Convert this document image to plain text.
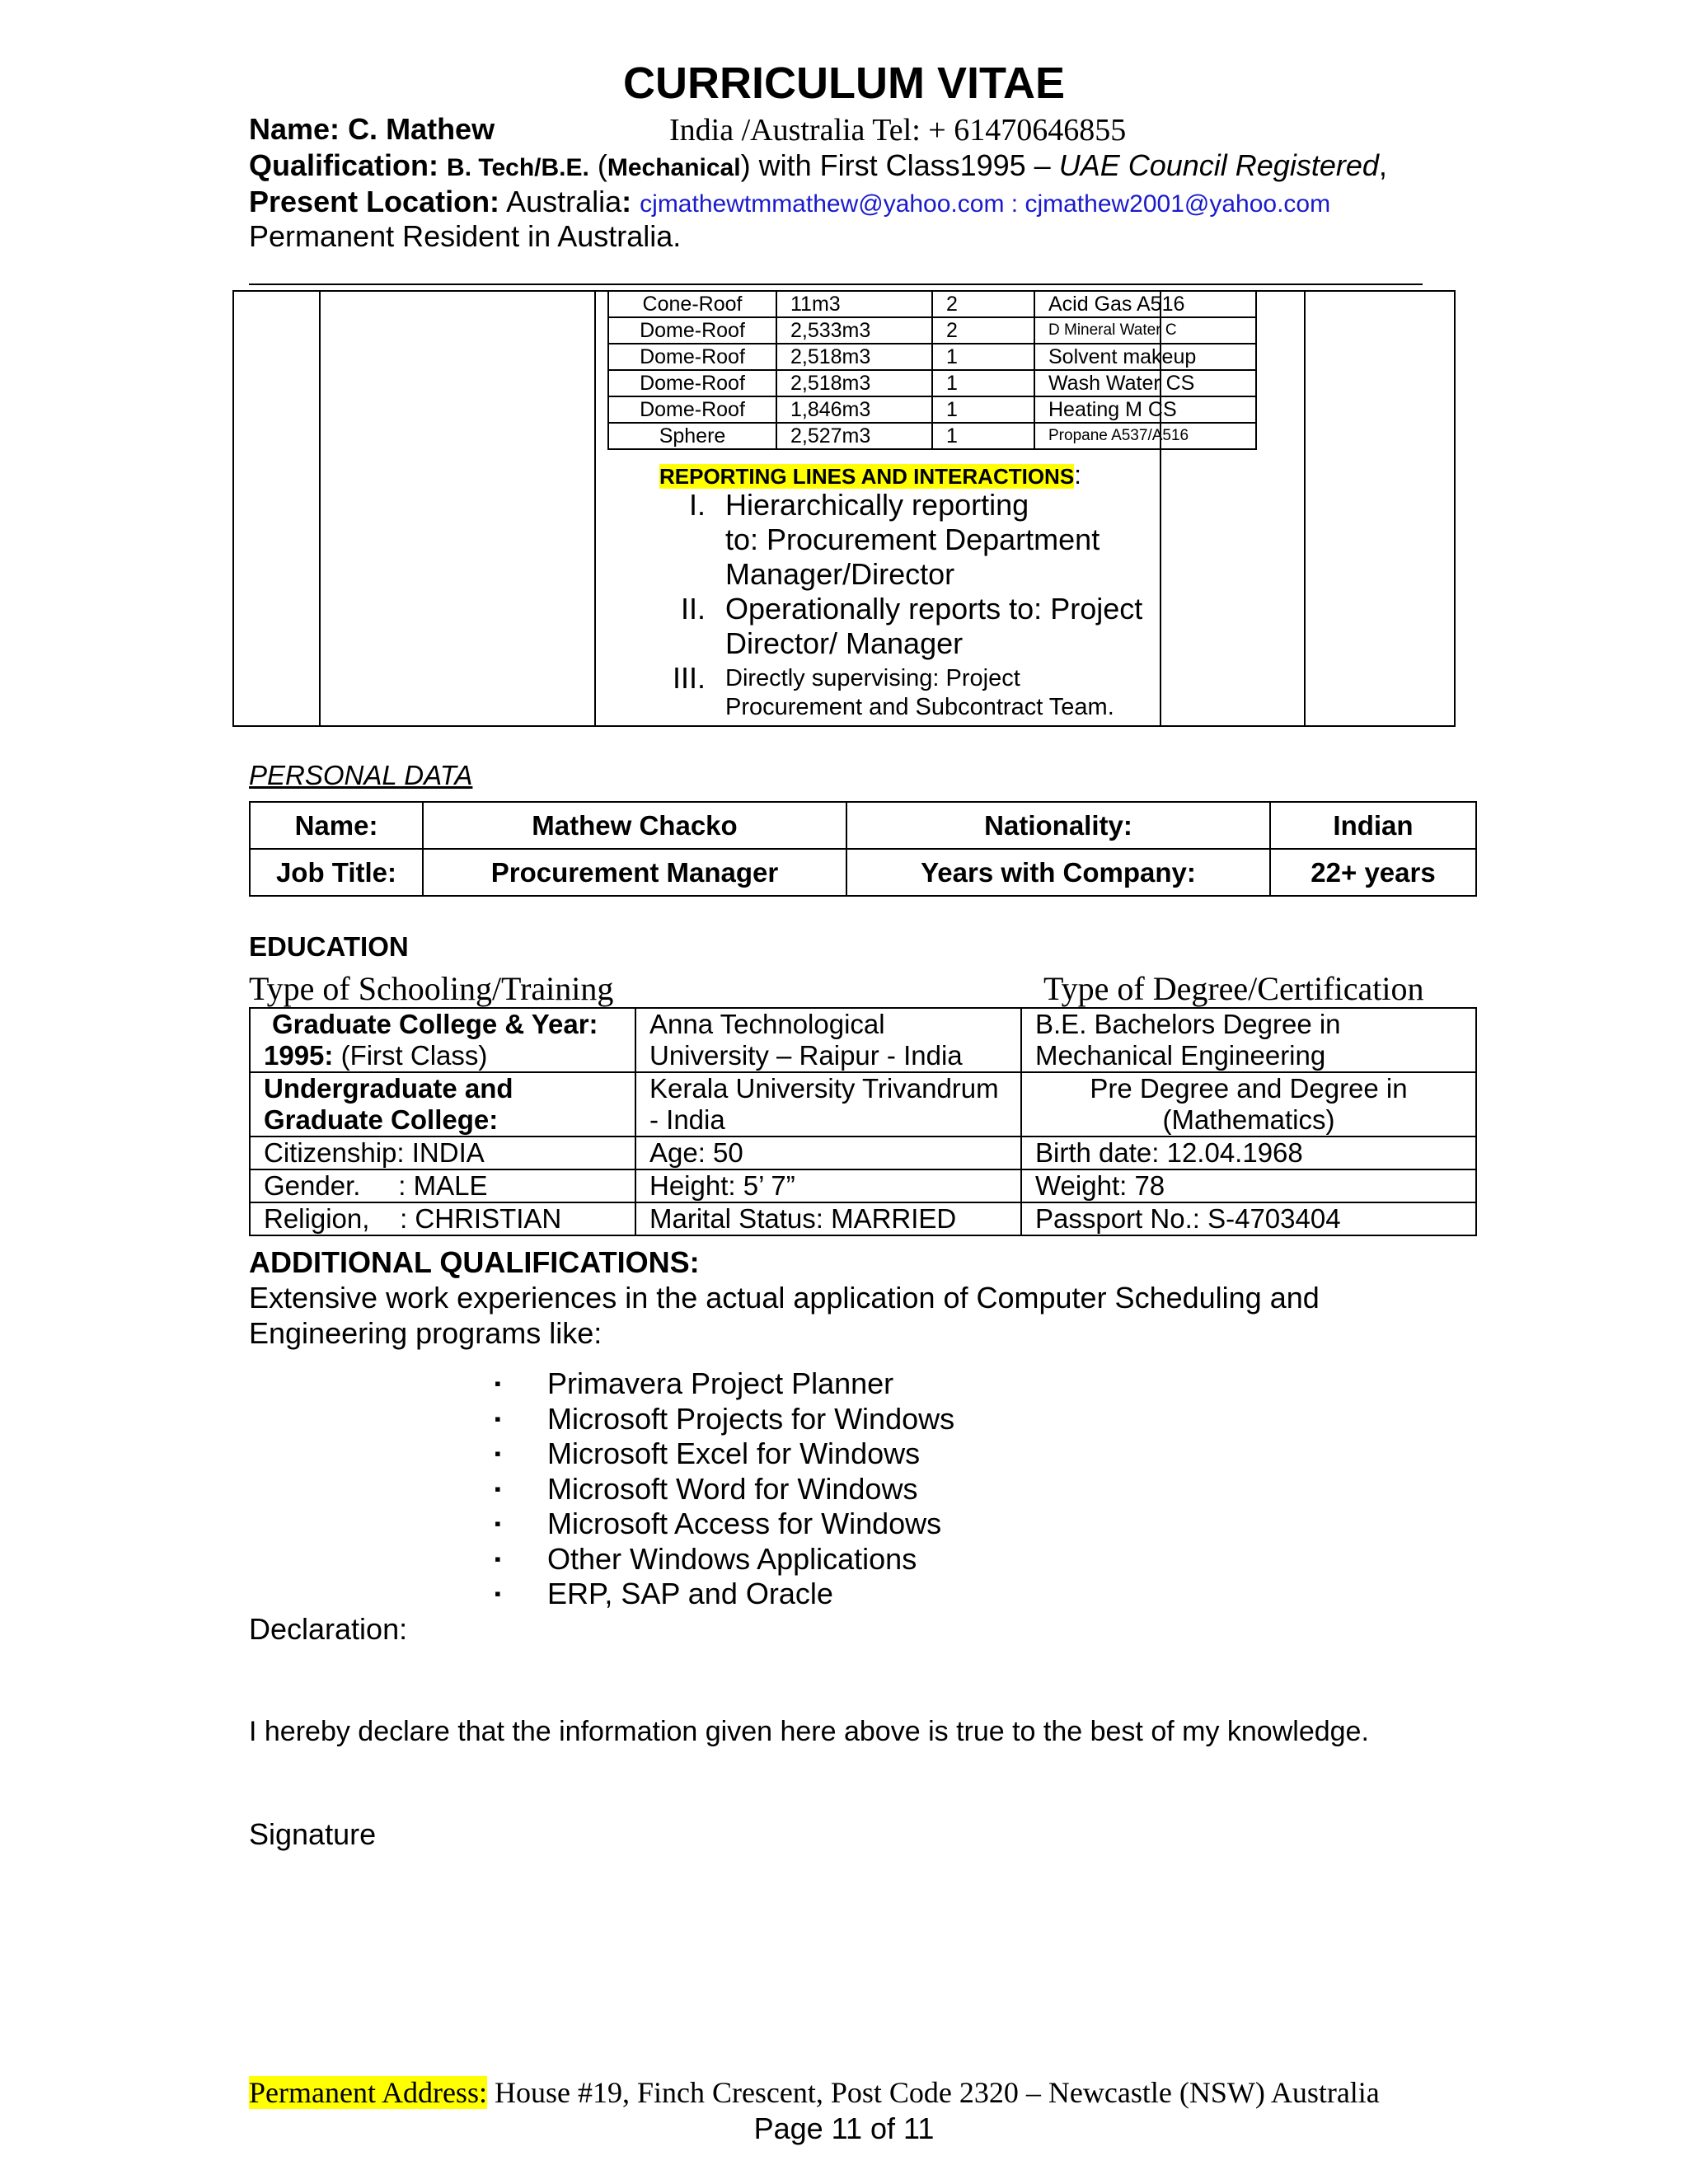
CURRICULUM VITAE
Name: C. Mathew	India /Australia Tel: + 61470646855
Qualification: B. Tech/B.E. (Mechanical) with First Class1995 – UAE Council Registered,
Present Location: Australia: cjmathewtmmathew@yahoo.com : cjmathew2001@yahoo.com
Permanent Resident in Australia.
Cone-Roof	11m3	2	Acid Gas A516
Dome-Roof	2,533m3	2	D Mineral Water C
Dome-Roof	2,518m3	1	Solvent makeup
Dome-Roof	2,518m3	1	Wash Water CS
Dome-Roof	1,846m3	1	Heating M CS
Sphere	2,527m3	1	Propane A537/A516
REPORTING LINES AND INTERACTIONS:
I. Hierarchically reporting
to: Procurement Department
Manager/Director
II. Operationally reports to: Project
Director/ Manager
III. Directly supervising: Project
Procurement and Subcontract Team.
PERSONAL DATA
Name:	Mathew Chacko	Nationality:	Indian
Job Title:	Procurement Manager	Years with Company:	22+ years
EDUCATION
Type of Schooling/Training	Type of Degree/Certification
Graduate College & Year:
1995: (First Class)	Anna Technological University – Raipur - India	B.E. Bachelors Degree in Mechanical Engineering
Undergraduate and Graduate College:	Kerala University Trivandrum - India	Pre Degree and Degree in (Mathematics)
Citizenship: INDIA	Age: 50	Birth date: 12.04.1968
Gender.     : MALE	Height: 5’ 7”	Weight: 78
Religion,    : CHRISTIAN	Marital Status: MARRIED	Passport No.: S-4703404
ADDITIONAL QUALIFICATIONS:
Extensive work experiences in the actual application of Computer Scheduling and Engineering programs like:
▪	Primavera Project Planner
▪	Microsoft Projects for Windows
▪	Microsoft Excel for Windows
▪	Microsoft Word for Windows
▪	Microsoft Access for Windows
▪	Other Windows Applications
▪	ERP, SAP and Oracle
Declaration:
I hereby declare that the information given here above is true to the best of my knowledge.
Signature
Permanent Address: House #19, Finch Crescent, Post Code 2320 – Newcastle (NSW) Australia
Page 11 of 11
